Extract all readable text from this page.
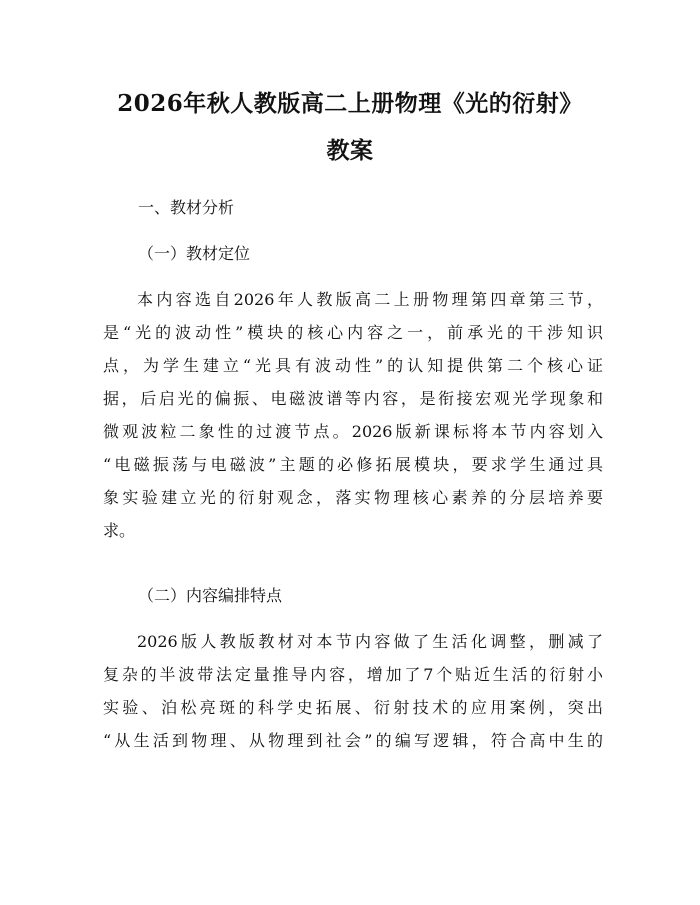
2026年秋人教版高二上册物理《光的衍射》
教案
一、教材分析
（一）教材定位
本内容选自2026年人教版高二上册物理第四章第三节，
是“光的波动性”模块的核心内容之一，前承光的干涉知识
点，为学生建立“光具有波动性”的认知提供第二个核心证
据，后启光的偏振、电磁波谱等内容，是衔接宏观光学现象和
微观波粒二象性的过渡节点。2026版新课标将本节内容划入
“电磁振荡与电磁波”主题的必修拓展模块，要求学生通过具
象实验建立光的衍射观念，落实物理核心素养的分层培养要
求。
（二）内容编排特点
2026版人教版教材对本节内容做了生活化调整，删减了
复杂的半波带法定量推导内容，增加了7个贴近生活的衍射小
实验、泊松亮斑的科学史拓展、衍射技术的应用案例，突出
“从生活到物理、从物理到社会”的编写逻辑，符合高中生的
